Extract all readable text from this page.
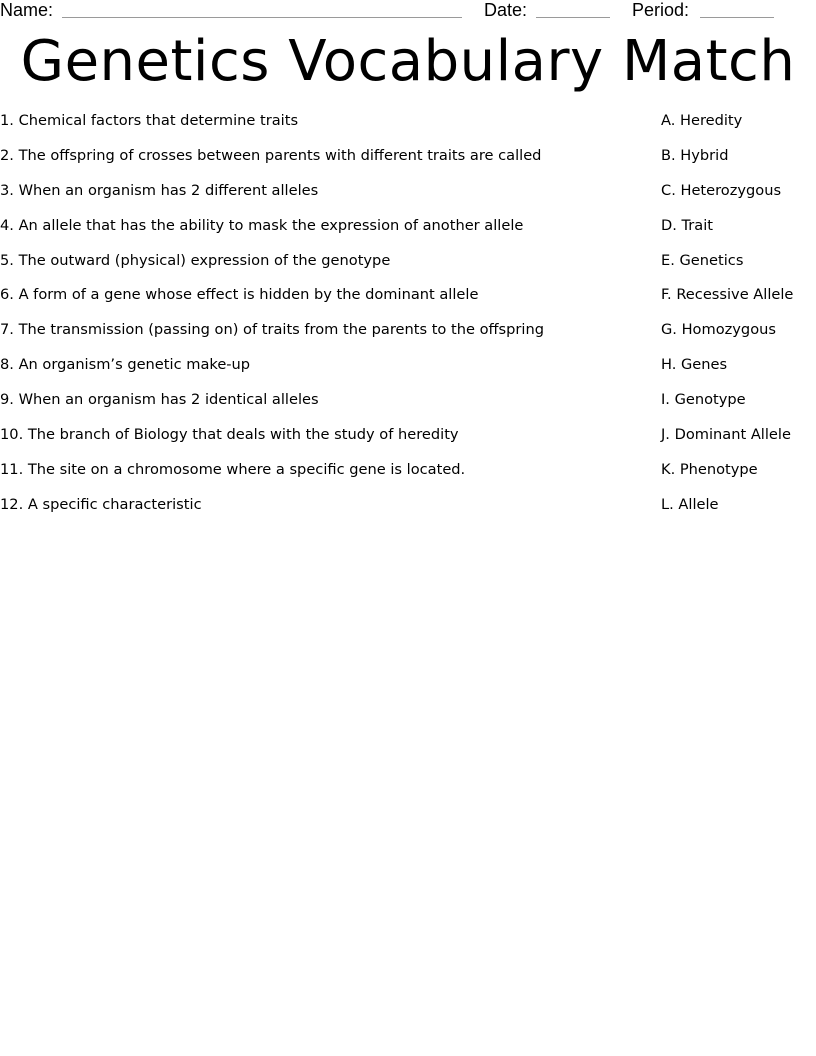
Name:	Date:	Period:
Genetics Vocabulary Match
1. Chemical factors that determine traits
2. The offspring of crosses between parents with different traits are called
3. When an organism has 2 different alleles
4. An allele that has the ability to mask the expression of another allele
5. The outward (physical) expression of the genotype
6. A form of a gene whose effect is hidden by the dominant allele
7. The transmission (passing on) of traits from the parents to the offspring
8. An organism’s genetic make-up
9. When an organism has 2 identical alleles
10. The branch of Biology that deals with the study of heredity
11. The site on a chromosome where a specific gene is located.
12. A specific characteristic
A. Heredity
B. Hybrid
C. Heterozygous
D. Trait
E. Genetics
F. Recessive Allele
G. Homozygous
H. Genes
I. Genotype
J. Dominant Allele
K. Phenotype
L. Allele
